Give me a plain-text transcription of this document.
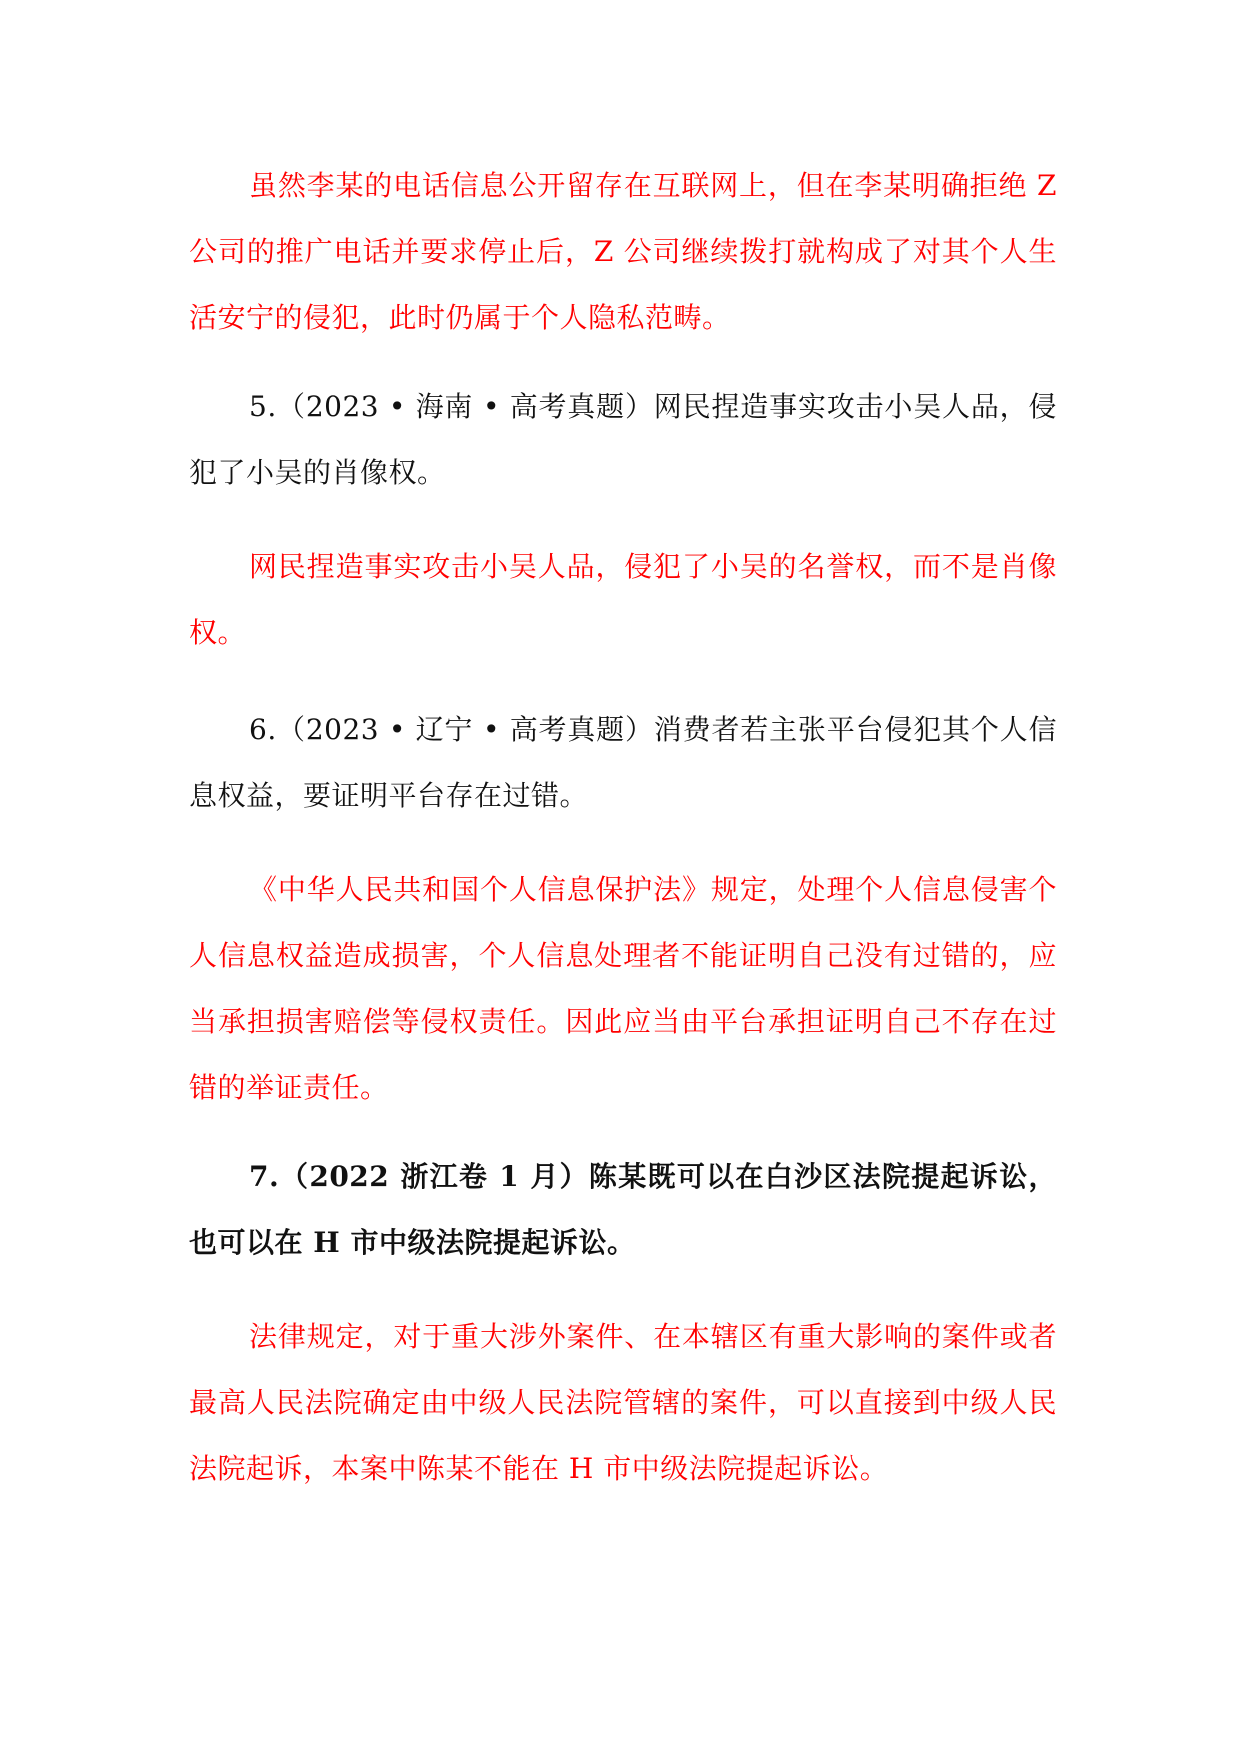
虽然李某的电话信息公开留存在互联网上，但在李某明确拒绝 Z 公司的推广电话并要求停止后，Z 公司继续拨打就构成了对其个人生活安宁的侵犯，此时仍属于个人隐私范畴。

5.（2023 • 海南 • 高考真题）网民捏造事实攻击小吴人品，侵犯了小吴的肖像权。

网民捏造事实攻击小吴人品，侵犯了小吴的名誉权，而不是肖像权。

6.（2023 • 辽宁 • 高考真题）消费者若主张平台侵犯其个人信息权益，要证明平台存在过错。

《中华人民共和国个人信息保护法》规定，处理个人信息侵害个人信息权益造成损害，个人信息处理者不能证明自己没有过错的，应当承担损害赔偿等侵权责任。因此应当由平台承担证明自己不存在过错的举证责任。

7.（2022 浙江卷 1 月）陈某既可以在白沙区法院提起诉讼，也可以在 H 市中级法院提起诉讼。

法律规定，对于重大涉外案件、在本辖区有重大影响的案件或者最高人民法院确定由中级人民法院管辖的案件，可以直接到中级人民法院起诉，本案中陈某不能在 H 市中级法院提起诉讼。
